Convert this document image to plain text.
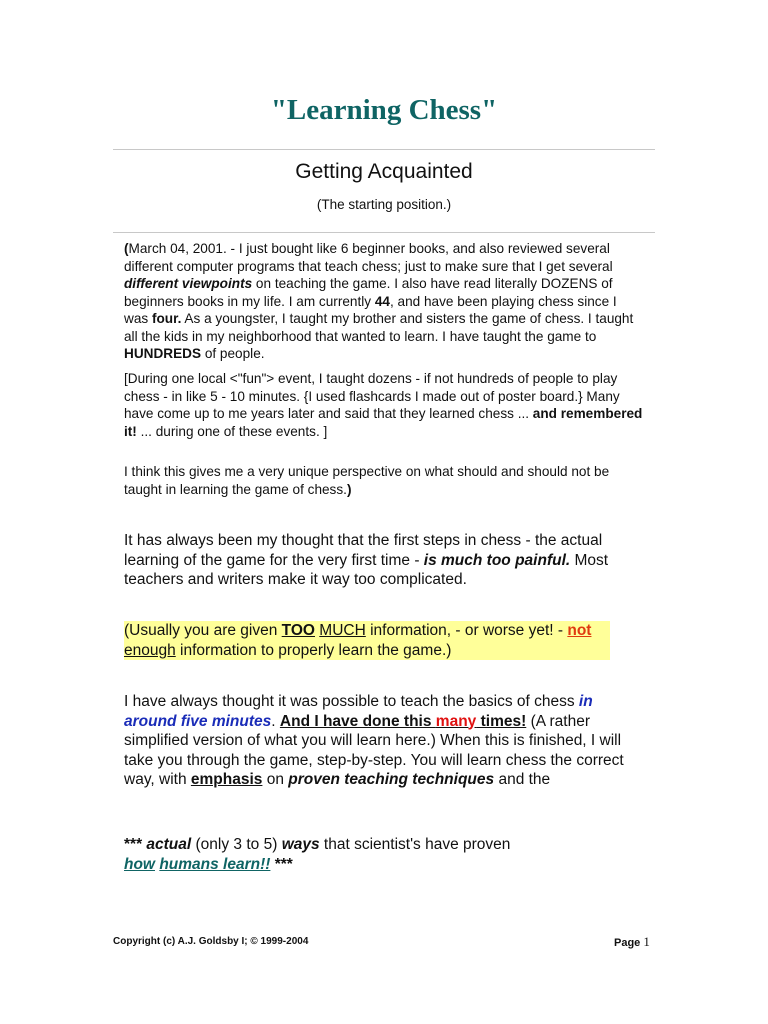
"Learning Chess"
Getting Acquainted

(The starting position.)

(March 04, 2001. - I just bought like 6 beginner books, and also reviewed several different computer programs that teach chess; just to make sure that I get several different viewpoints on teaching the game. I also have read literally DOZENS of beginners books in my life. I am currently 44, and have been playing chess since I was four. As a youngster, I taught my brother and sisters the game of chess. I taught all the kids in my neighborhood that wanted to learn. I have taught the game to HUNDREDS of people.

[During one local <"fun"> event, I taught dozens - if not hundreds of people to play chess - in like 5 - 10 minutes. {I used flashcards I made out of poster board.} Many have come up to me years later and said that they learned chess ... and remembered it! ... during one of these events. ]

I think this gives me a very unique perspective on what should and should not be taught in learning the game of chess.)

It has always been my thought that the first steps in chess - the actual learning of the game for the very first time - is much too painful. Most teachers and writers make it way too complicated.

(Usually you are given TOO MUCH information, - or worse yet! - not enough information to properly learn the game.)

I have always thought it was possible to teach the basics of chess in around five minutes. And I have done this many times! (A rather simplified version of what you will learn here.) When this is finished, I will take you through the game, step-by-step. You will learn chess the correct way, with emphasis on proven teaching techniques and the

*** actual (only 3 to 5) ways that scientist's have proven
how humans learn!! ***

Copyright (c) A.J. Goldsby I; © 1999-2004	Page 1
